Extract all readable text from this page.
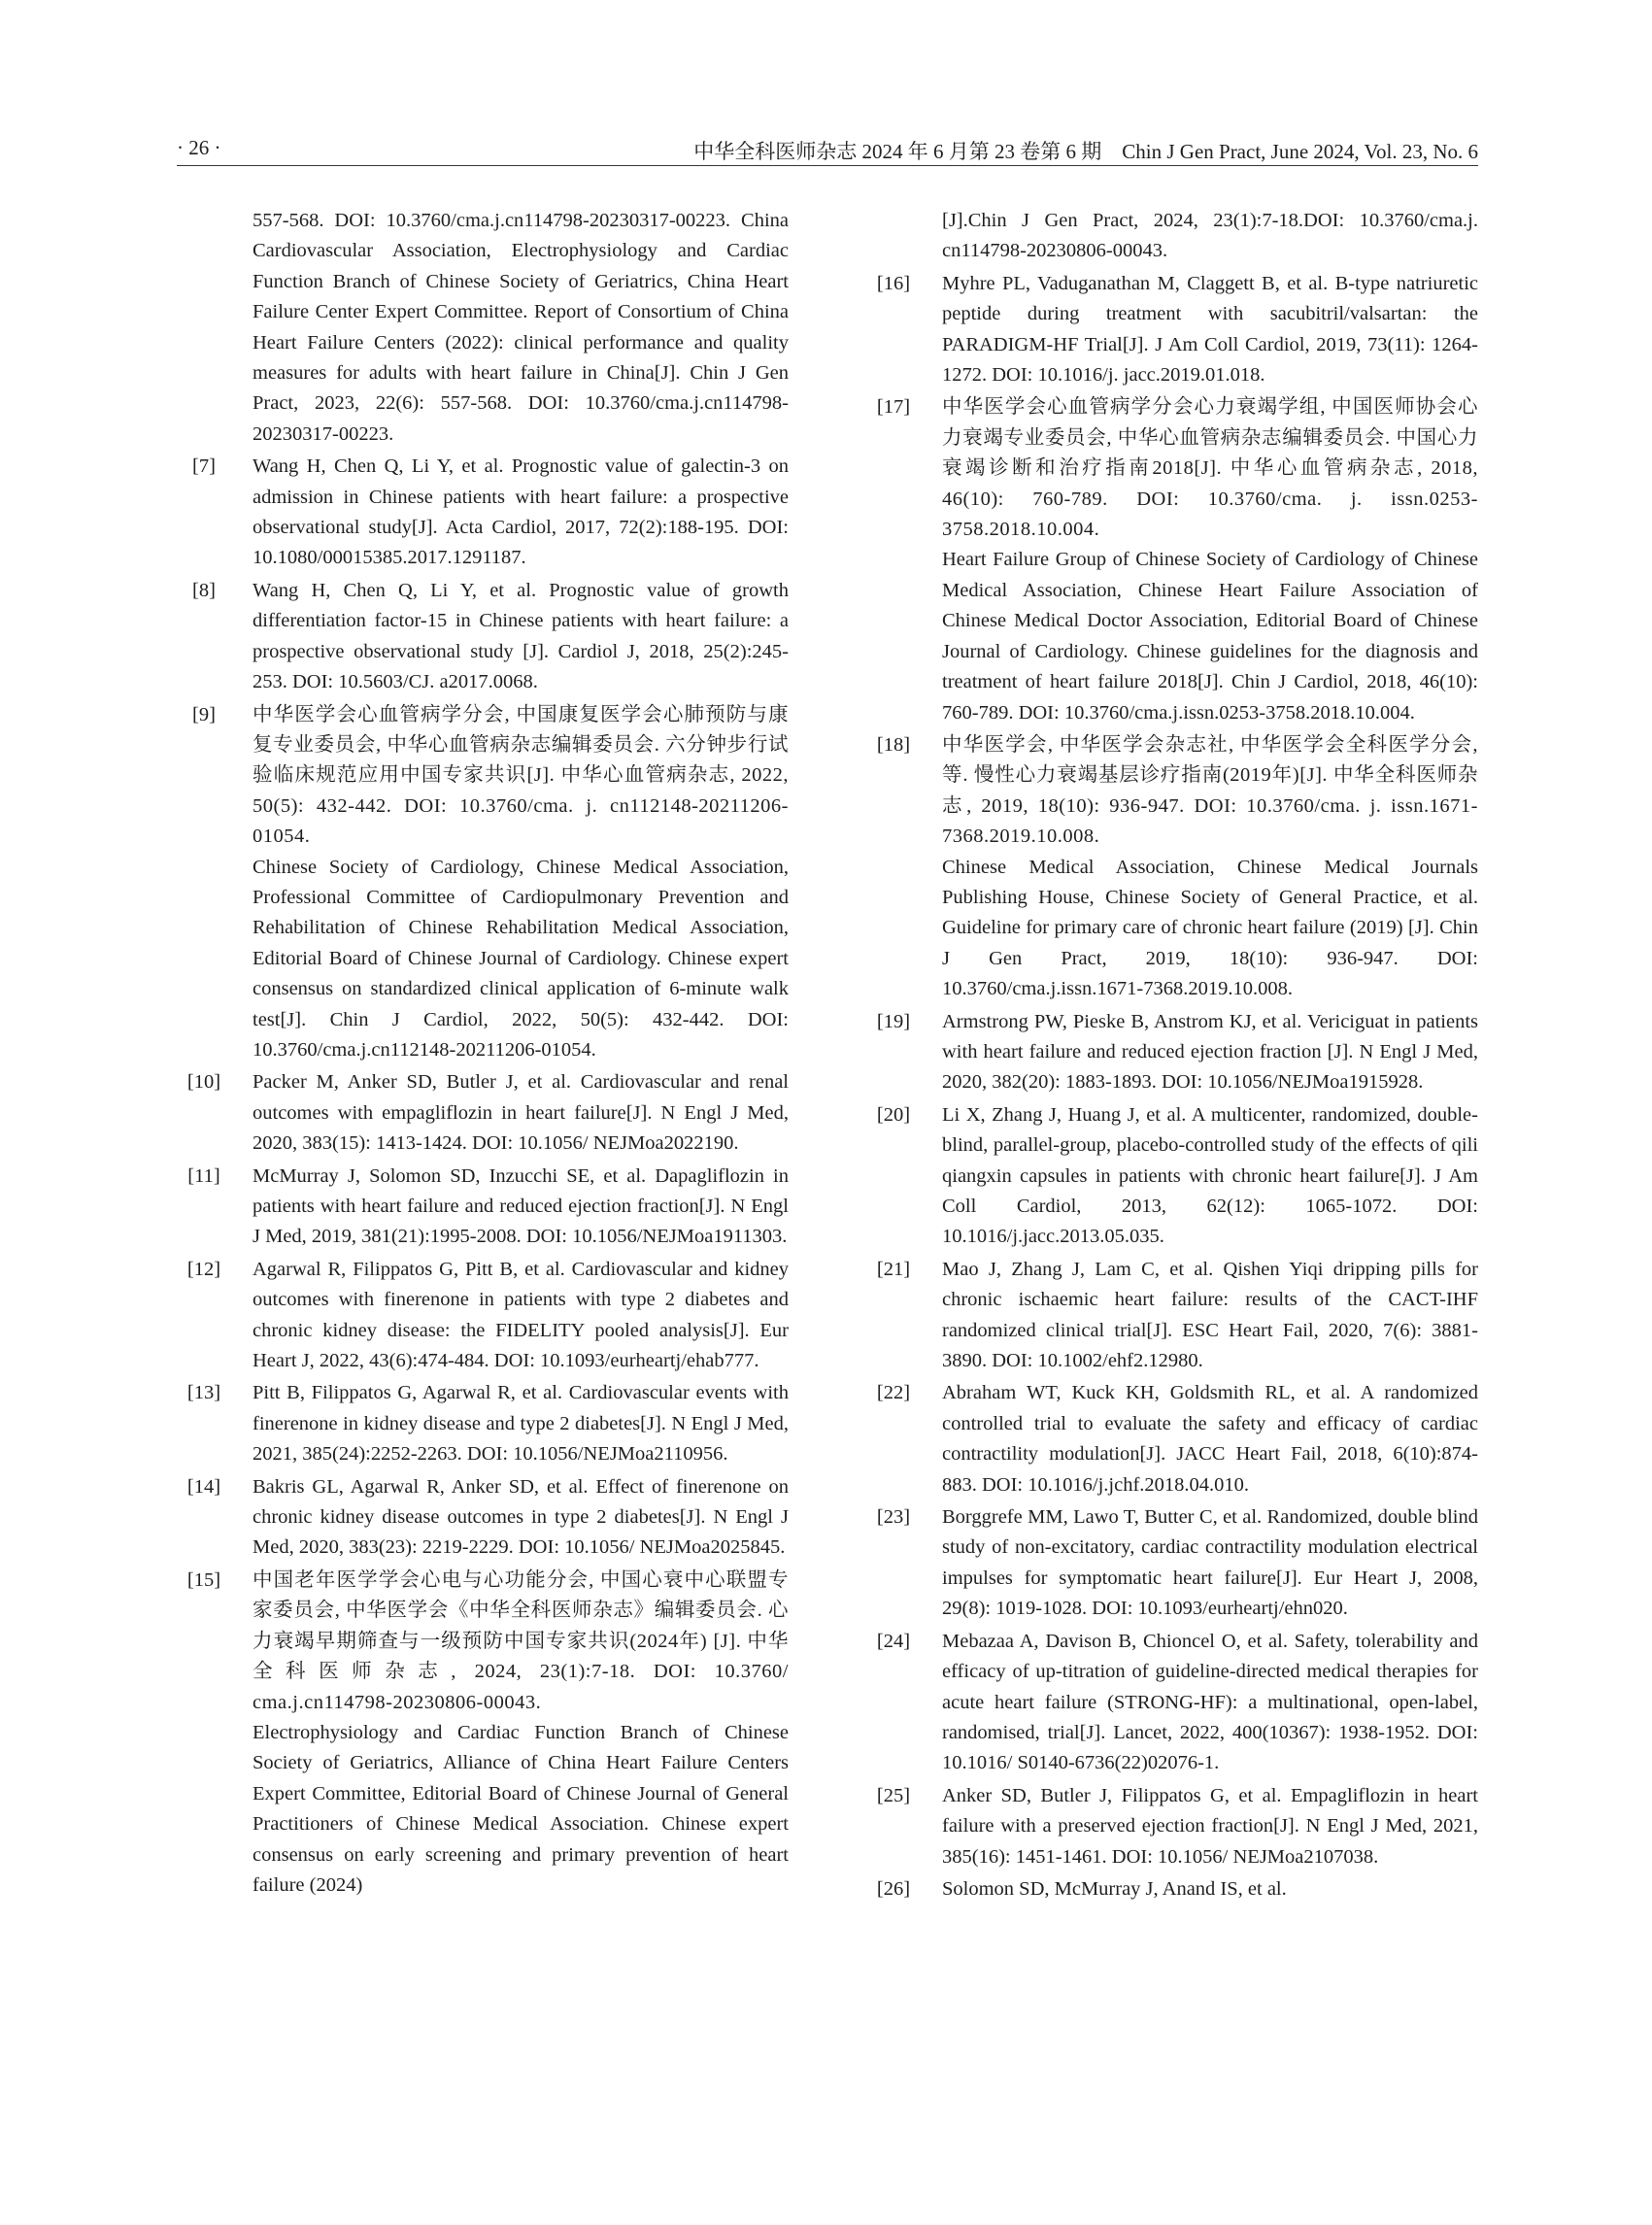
· 26 ·	中华全科医师杂志 2024 年 6 月第 23 卷第 6 期　Chin J Gen Pract, June 2024, Vol. 23, No. 6
557-568. DOI: 10.3760/cma.j.cn114798-20230317-00223. China Cardiovascular Association, Electrophysiology and Cardiac Function Branch of Chinese Society of Geriatrics, China Heart Failure Center Expert Committee. Report of Consortium of China Heart Failure Centers (2022): clinical performance and quality measures for adults with heart failure in China[J]. Chin J Gen Pract, 2023, 22(6): 557-568. DOI: 10.3760/cma.j.cn114798-20230317-00223.
[7]	Wang H, Chen Q, Li Y, et al. Prognostic value of galectin-3 on admission in Chinese patients with heart failure: a prospective observational study[J]. Acta Cardiol, 2017, 72(2):188-195. DOI: 10.1080/00015385.2017.1291187.
[8]	Wang H, Chen Q, Li Y, et al. Prognostic value of growth differentiation factor-15 in Chinese patients with heart failure: a prospective observational study [J]. Cardiol J, 2018, 25(2):245-253. DOI: 10.5603/CJ. a2017.0068.
[9]	中华医学会心血管病学分会, 中国康复医学会心肺预防与康复专业委员会, 中华心血管病杂志编辑委员会. 六分钟步行试验临床规范应用中国专家共识[J]. 中华心血管病杂志, 2022, 50(5): 432-442. DOI: 10.3760/cma. j. cn112148-20211206-01054.
Chinese Society of Cardiology, Chinese Medical Association, Professional Committee of Cardiopulmonary Prevention and Rehabilitation of Chinese Rehabilitation Medical Association, Editorial Board of Chinese Journal of Cardiology. Chinese expert consensus on standardized clinical application of 6-minute walk test[J]. Chin J Cardiol, 2022, 50(5): 432-442. DOI: 10.3760/cma.j.cn112148-20211206-01054.
[10]	Packer M, Anker SD, Butler J, et al. Cardiovascular and renal outcomes with empagliflozin in heart failure[J]. N Engl J Med, 2020, 383(15): 1413-1424. DOI: 10.1056/ NEJMoa2022190.
[11]	McMurray J, Solomon SD, Inzucchi SE, et al. Dapagliflozin in patients with heart failure and reduced ejection fraction[J]. N Engl J Med, 2019, 381(21):1995-2008. DOI: 10.1056/NEJMoa1911303.
[12]	Agarwal R, Filippatos G, Pitt B, et al. Cardiovascular and kidney outcomes with finerenone in patients with type 2 diabetes and chronic kidney disease: the FIDELITY pooled analysis[J]. Eur Heart J, 2022, 43(6):474-484. DOI: 10.1093/eurheartj/ehab777.
[13]	Pitt B, Filippatos G, Agarwal R, et al. Cardiovascular events with finerenone in kidney disease and type 2 diabetes[J]. N Engl J Med, 2021, 385(24):2252-2263. DOI: 10.1056/NEJMoa2110956.
[14]	Bakris GL, Agarwal R, Anker SD, et al. Effect of finerenone on chronic kidney disease outcomes in type 2 diabetes[J]. N Engl J Med, 2020, 383(23): 2219-2229. DOI: 10.1056/ NEJMoa2025845.
[15]	中国老年医学学会心电与心功能分会, 中国心衰中心联盟专家委员会, 中华医学会《中华全科医师杂志》编辑委员会. 心力衰竭早期筛查与一级预防中国专家共识(2024年) [J]. 中华全科医师杂志, 2024, 23(1):7-18. DOI: 10.3760/ cma.j.cn114798-20230806-00043.
Electrophysiology and Cardiac Function Branch of Chinese Society of Geriatrics, Alliance of China Heart Failure Centers Expert Committee, Editorial Board of Chinese Journal of General Practitioners of Chinese Medical Association. Chinese expert consensus on early screening and primary prevention of heart failure (2024)
[J].Chin J Gen Pract, 2024, 23(1):7-18.DOI: 10.3760/cma.j. cn114798-20230806-00043.
[16]	Myhre PL, Vaduganathan M, Claggett B, et al. B-type natriuretic peptide during treatment with sacubitril/valsartan: the PARADIGM-HF Trial[J]. J Am Coll Cardiol, 2019, 73(11): 1264-1272. DOI: 10.1016/j. jacc.2019.01.018.
[17]	中华医学会心血管病学分会心力衰竭学组, 中国医师协会心力衰竭专业委员会, 中华心血管病杂志编辑委员会. 中国心力衰竭诊断和治疗指南2018[J]. 中华心血管病杂志, 2018, 46(10): 760-789. DOI: 10.3760/cma. j. issn.0253-3758.2018.10.004.
Heart Failure Group of Chinese Society of Cardiology of Chinese Medical Association, Chinese Heart Failure Association of Chinese Medical Doctor Association, Editorial Board of Chinese Journal of Cardiology. Chinese guidelines for the diagnosis and treatment of heart failure 2018[J]. Chin J Cardiol, 2018, 46(10): 760-789. DOI: 10.3760/cma.j.issn.0253-3758.2018.10.004.
[18]	中华医学会, 中华医学会杂志社, 中华医学会全科医学分会, 等. 慢性心力衰竭基层诊疗指南(2019年)[J]. 中华全科医师杂志, 2019, 18(10): 936-947. DOI: 10.3760/cma. j. issn.1671-7368.2019.10.008.
Chinese Medical Association, Chinese Medical Journals Publishing House, Chinese Society of General Practice, et al. Guideline for primary care of chronic heart failure (2019) [J]. Chin J Gen Pract, 2019, 18(10): 936-947. DOI: 10.3760/cma.j.issn.1671-7368.2019.10.008.
[19]	Armstrong PW, Pieske B, Anstrom KJ, et al. Vericiguat in patients with heart failure and reduced ejection fraction [J]. N Engl J Med, 2020, 382(20): 1883-1893. DOI: 10.1056/NEJMoa1915928.
[20]	Li X, Zhang J, Huang J, et al. A multicenter, randomized, double-blind, parallel-group, placebo-controlled study of the effects of qili qiangxin capsules in patients with chronic heart failure[J]. J Am Coll Cardiol, 2013, 62(12): 1065-1072. DOI: 10.1016/j.jacc.2013.05.035.
[21]	Mao J, Zhang J, Lam C, et al. Qishen Yiqi dripping pills for chronic ischaemic heart failure: results of the CACT-IHF randomized clinical trial[J]. ESC Heart Fail, 2020, 7(6): 3881-3890. DOI: 10.1002/ehf2.12980.
[22]	Abraham WT, Kuck KH, Goldsmith RL, et al. A randomized controlled trial to evaluate the safety and efficacy of cardiac contractility modulation[J]. JACC Heart Fail, 2018, 6(10):874-883. DOI: 10.1016/j.jchf.2018.04.010.
[23]	Borggrefe MM, Lawo T, Butter C, et al. Randomized, double blind study of non-excitatory, cardiac contractility modulation electrical impulses for symptomatic heart failure[J]. Eur Heart J, 2008, 29(8): 1019-1028. DOI: 10.1093/eurheartj/ehn020.
[24]	Mebazaa A, Davison B, Chioncel O, et al. Safety, tolerability and efficacy of up-titration of guideline-directed medical therapies for acute heart failure (STRONG-HF): a multinational, open-label, randomised, trial[J]. Lancet, 2022, 400(10367): 1938-1952. DOI: 10.1016/ S0140-6736(22)02076-1.
[25]	Anker SD, Butler J, Filippatos G, et al. Empagliflozin in heart failure with a preserved ejection fraction[J]. N Engl J Med, 2021, 385(16): 1451-1461. DOI: 10.1056/ NEJMoa2107038.
[26]	Solomon SD, McMurray J, Anand IS, et al.
